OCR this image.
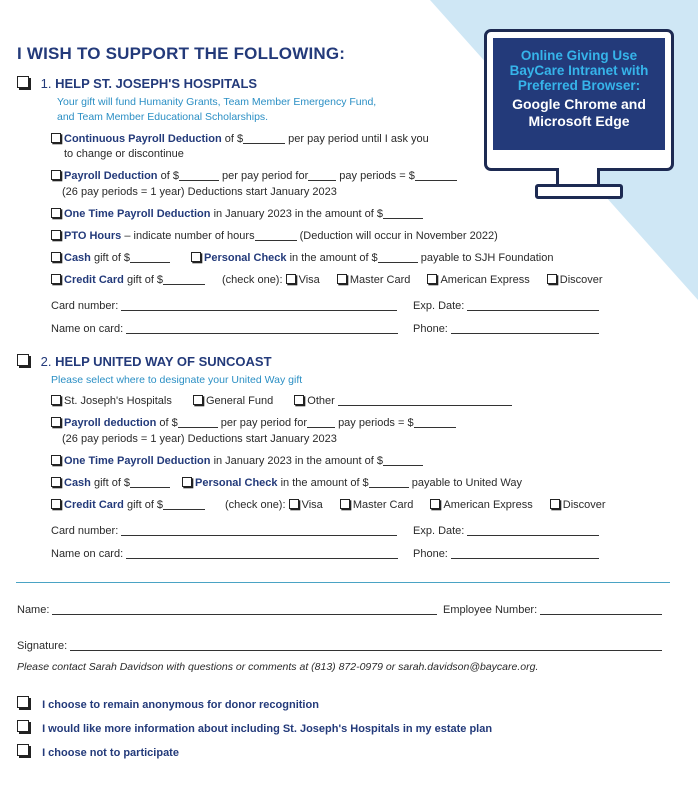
Online Giving Use
BayCare Intranet with
Preferred Browser:
Google Chrome and
Microsoft Edge
I WISH TO SUPPORT THE FOLLOWING:
1. HELP ST. JOSEPH'S HOSPITALS
Your gift will fund Humanity Grants, Team Member Emergency Fund,
and Team Member Educational Scholarships.
Continuous Payroll Deduction of $	per pay period until I ask you
to change or discontinue
Payroll Deduction of $	per pay period for	pay periods = $
(26 pay periods = 1 year) Deductions start January 2023
One Time Payroll Deduction in January 2023 in the amount of $
PTO Hours – indicate number of hours	(Deduction will occur in November 2022)
Cash gift of $	Personal Check in the amount of $	payable to SJH Foundation
Credit Card gift of $	(check one): Visa	Master Card	American Express	Discover
Card number:	Exp. Date:
Name on card:	Phone:
2. HELP UNITED WAY OF SUNCOAST
Please select where to designate your United Way gift
St. Joseph's Hospitals	General Fund	Other
Payroll deduction of $	per pay period for	pay periods = $
(26 pay periods = 1 year) Deductions start January 2023
One Time Payroll Deduction in January 2023 in the amount of $
Cash gift of $	Personal Check in the amount of $	payable to United Way
Credit Card gift of $	(check one): Visa	Master Card	American Express	Discover
Card number:	Exp. Date:
Name on card:	Phone:
Name:	Employee Number:
Signature:
Please contact Sarah Davidson with questions or comments at (813) 872-0979 or sarah.davidson@baycare.org.
I choose to remain anonymous for donor recognition
I would like more information about including St. Joseph's Hospitals in my estate plan
I choose not to participate
